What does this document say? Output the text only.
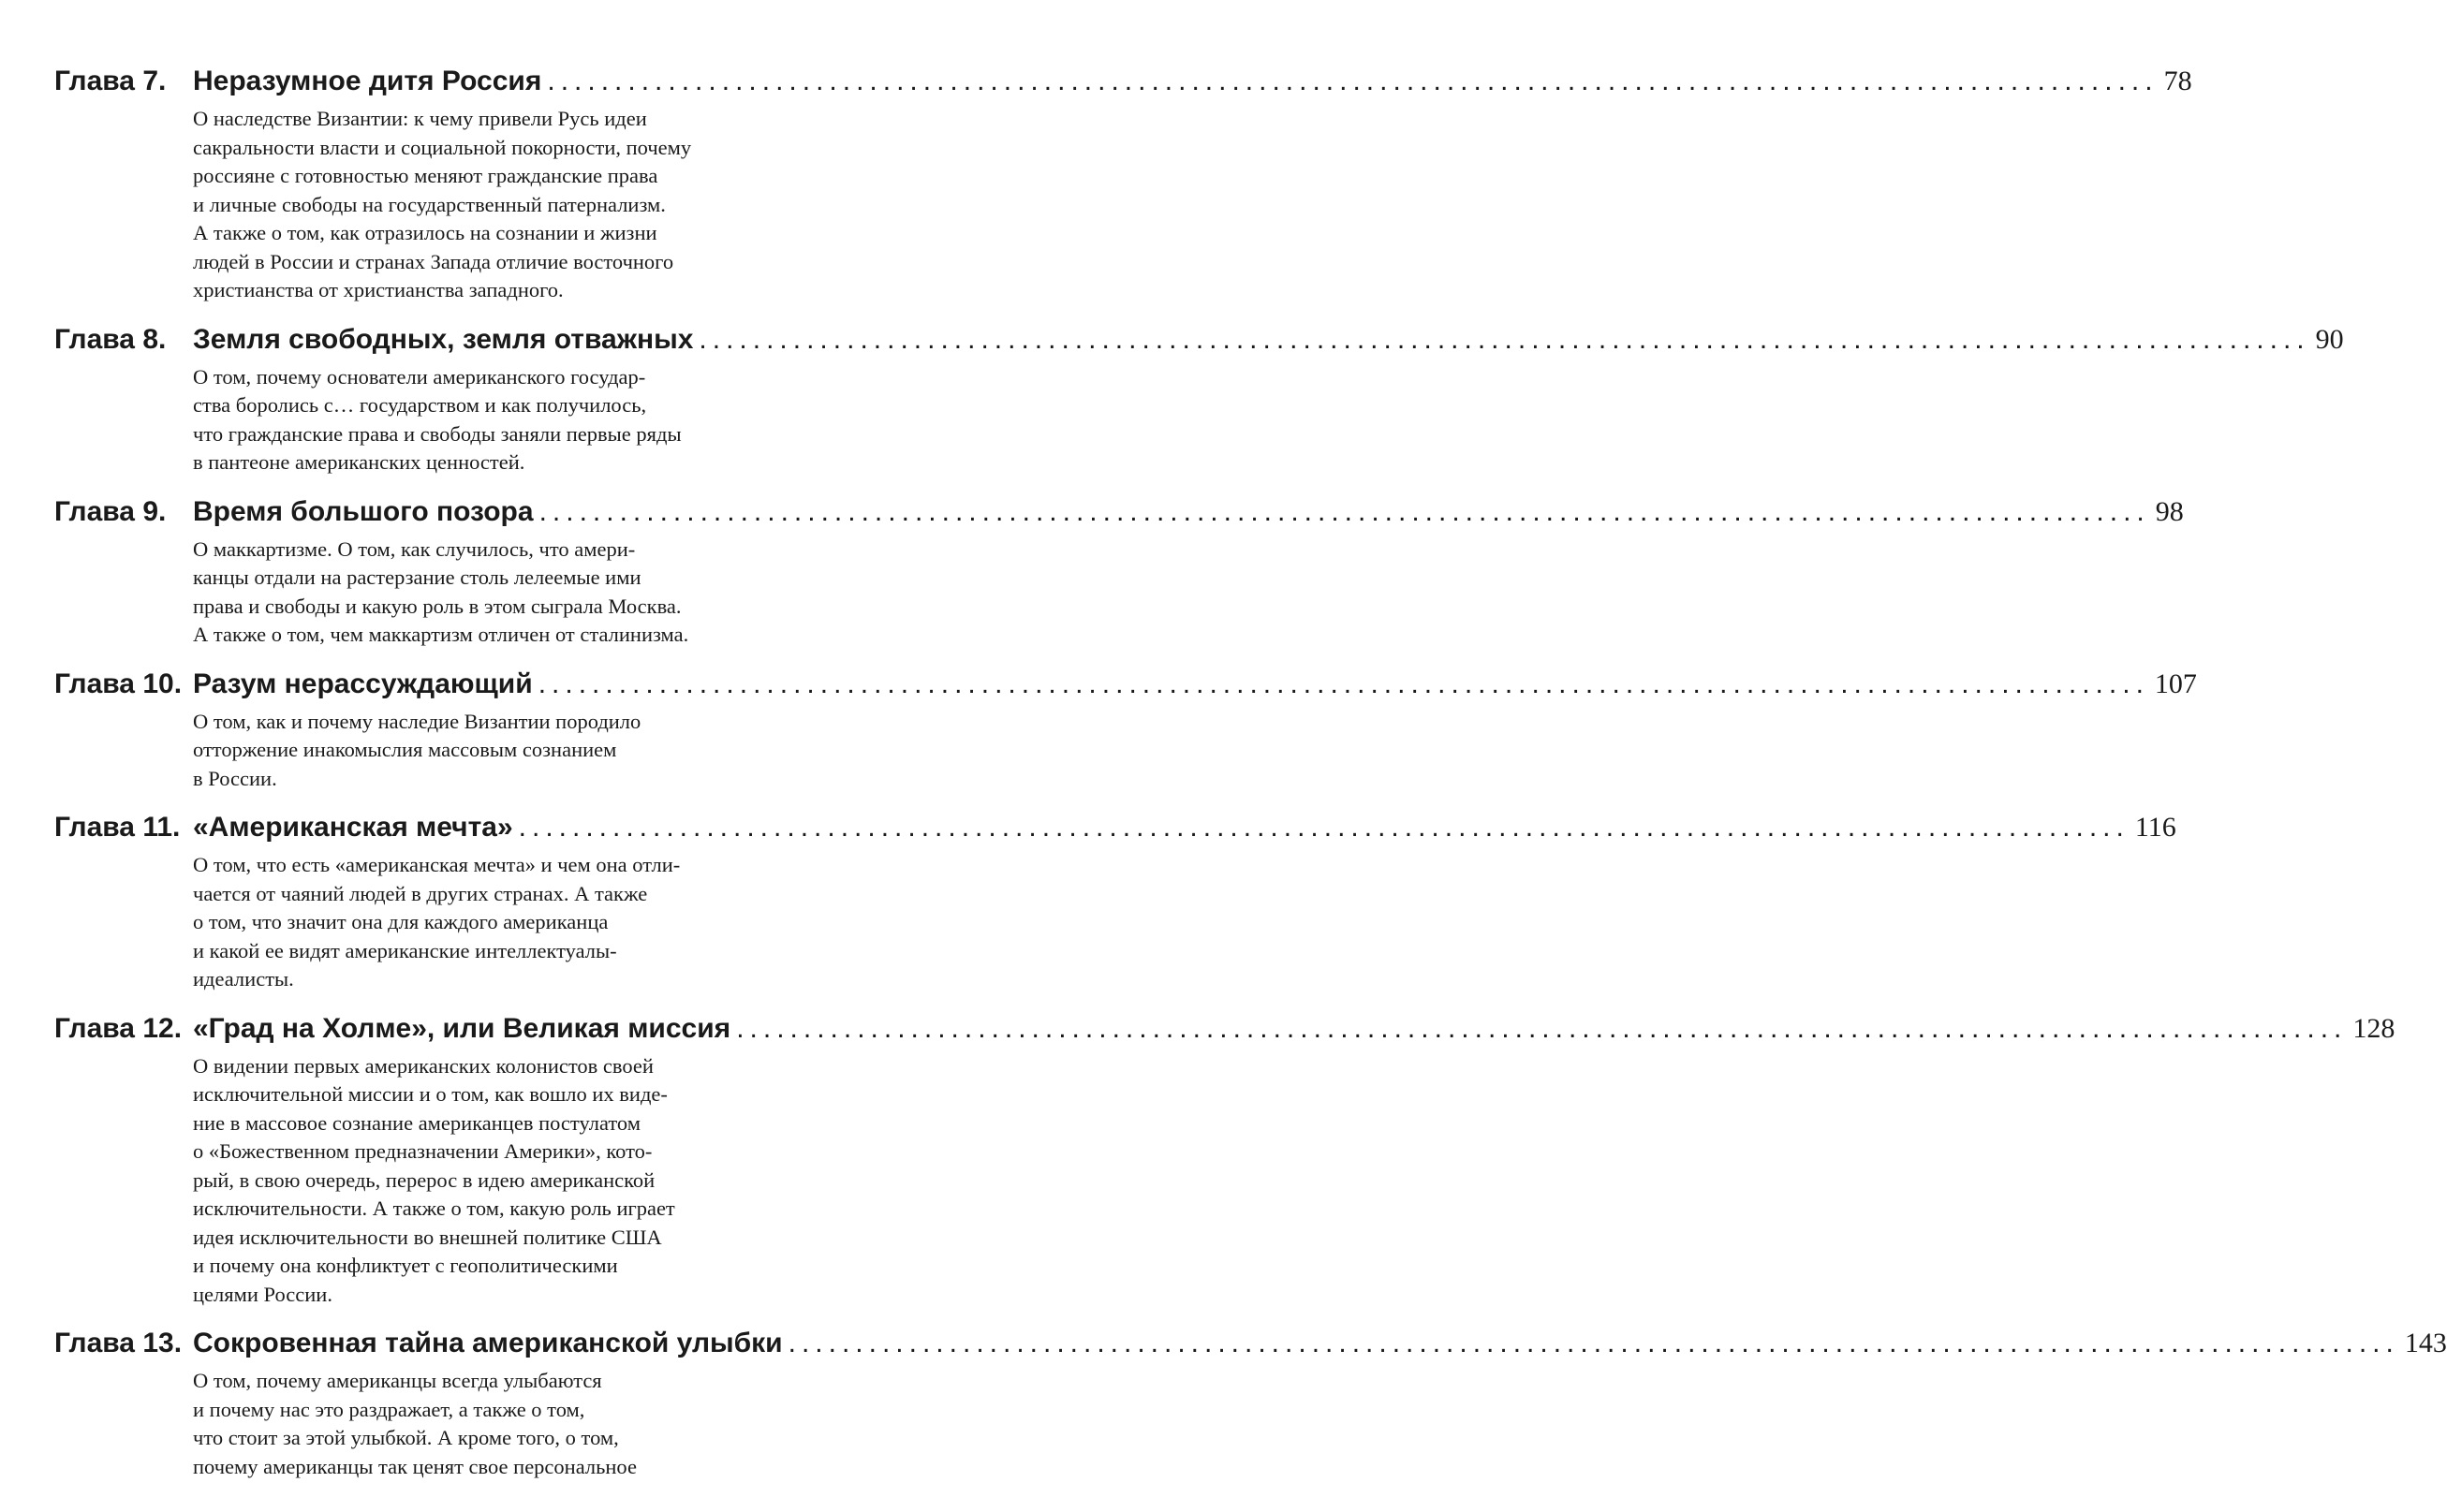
Глава 7. Неразумное дитя Россия ........................................................................................................................ 78
О наследстве Византии: к чему привели Русь идеи
сакральности власти и социальной покорности, почему
россияне с готовностью меняют гражданские права
и личные свободы на государственный патернализм.
А также о том, как отразилось на сознании и жизни
людей в России и странах Запада отличие восточного
христианства от христианства западного.
Глава 8. Земля свободных, земля отважных ........................................................................................................................ 90
О том, почему основатели американского государ-
ства боролись с… государством и как получилось,
что гражданские права и свободы заняли первые ряды
в пантеоне американских ценностей.
Глава 9. Время большого позора ........................................................................................................................ 98
О маккартизме. О том, как случилось, что амери-
канцы отдали на растерзание столь лелеемые ими
права и свободы и какую роль в этом сыграла Москва.
А также о том, чем маккартизм отличен от сталинизма.
Глава 10. Разум нерассуждающий ........................................................................................................................ 107
О том, как и почему наследие Византии породило
отторжение инакомыслия массовым сознанием
в России.
Глава 11. «Американская мечта» ........................................................................................................................ 116
О том, что есть «американская мечта» и чем она отли-
чается от чаяний людей в других странах. А также
о том, что значит она для каждого американца
и какой ее видят американские интеллектуалы-
идеалисты.
Глава 12. «Град на Холме», или Великая миссия ........................................................................................................................ 128
О видении первых американских колонистов своей
исключительной миссии и о том, как вошло их виде-
ние в массовое сознание американцев постулатом
о «Божественном предназначении Америки», кото-
рый, в свою очередь, перерос в идею американской
исключительности. А также о том, какую роль играет
идея исключительности во внешней политике США
и почему она конфликтует с геополитическими
целями России.
Глава 13. Сокровенная тайна американской улыбки ........................................................................................................................ 143
О том, почему американцы всегда улыбаются
и почему нас это раздражает, а также о том,
что стоит за этой улыбкой. А кроме того, о том,
почему американцы так ценят свое персональное
